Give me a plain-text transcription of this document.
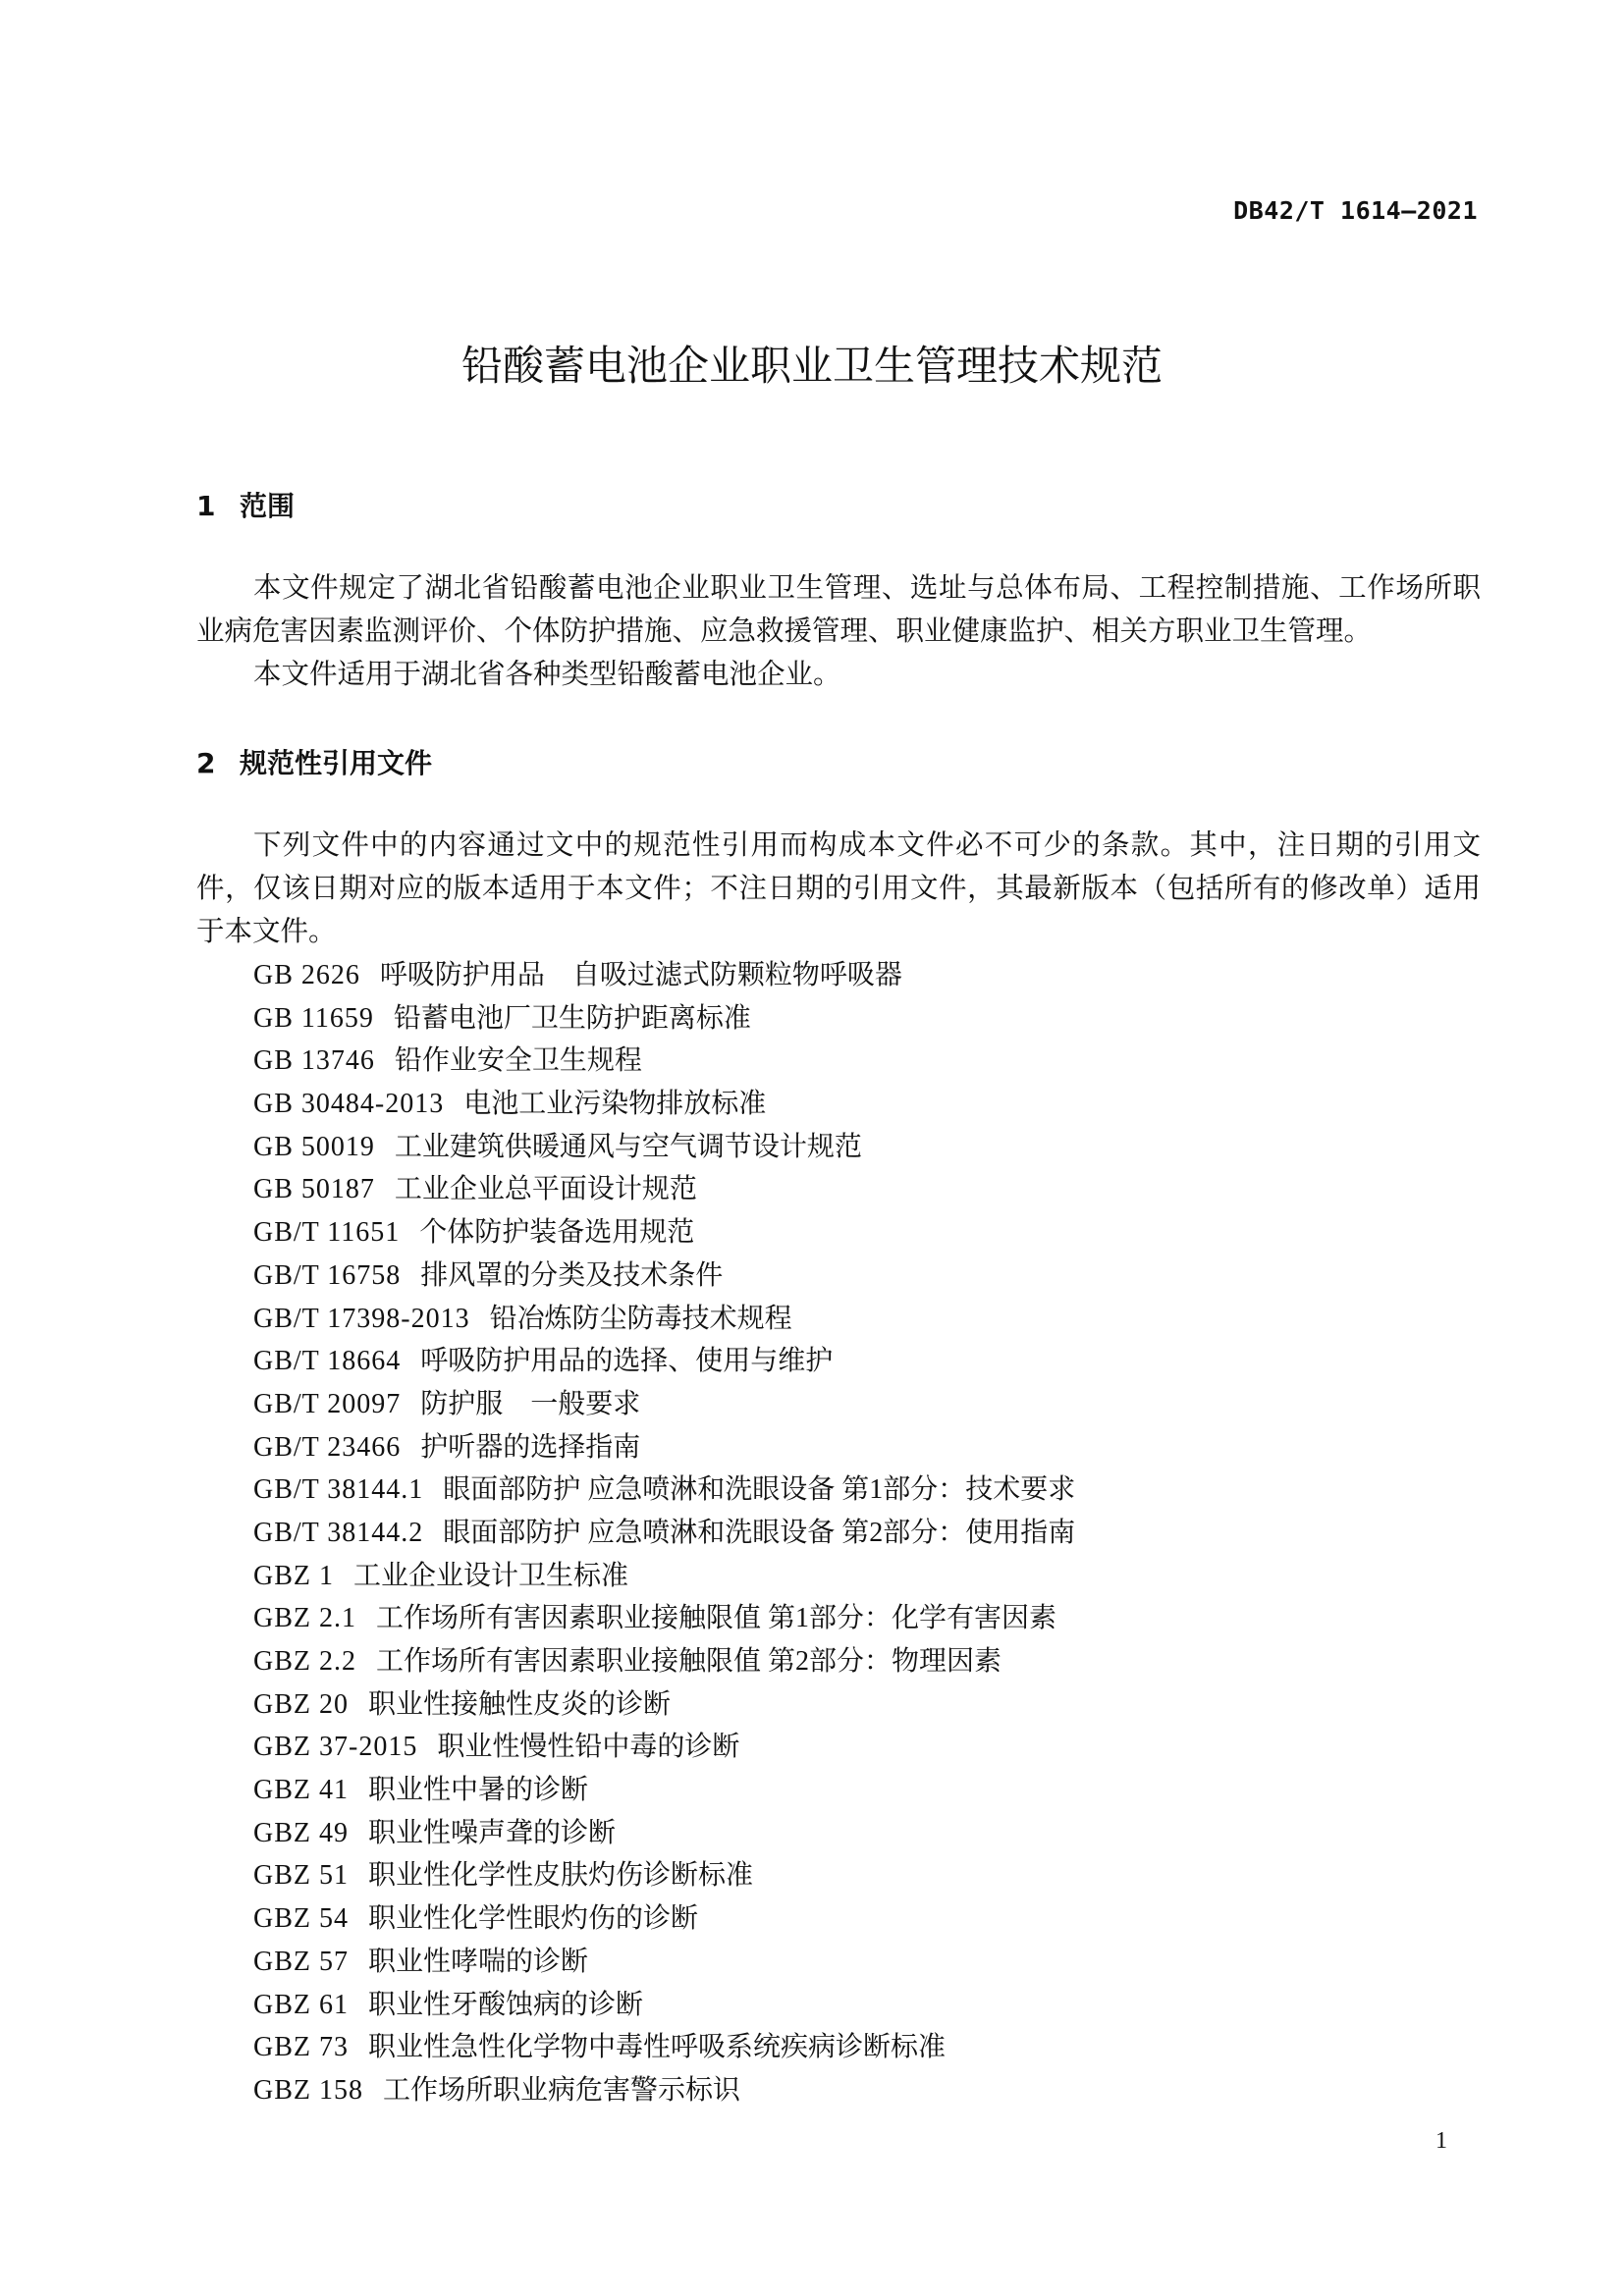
DB42/T 1614—2021
铅酸蓄电池企业职业卫生管理技术规范
1 范围
本文件规定了湖北省铅酸蓄电池企业职业卫生管理、选址与总体布局、工程控制措施、工作场所职业病危害因素监测评价、个体防护措施、应急救援管理、职业健康监护、相关方职业卫生管理。
本文件适用于湖北省各种类型铅酸蓄电池企业。
2 规范性引用文件
下列文件中的内容通过文中的规范性引用而构成本文件必不可少的条款。其中，注日期的引用文件，仅该日期对应的版本适用于本文件；不注日期的引用文件，其最新版本（包括所有的修改单）适用于本文件。
GB 2626 呼吸防护用品　自吸过滤式防颗粒物呼吸器
GB 11659 铅蓄电池厂卫生防护距离标准
GB 13746 铅作业安全卫生规程
GB 30484-2013 电池工业污染物排放标准
GB 50019 工业建筑供暖通风与空气调节设计规范
GB 50187 工业企业总平面设计规范
GB/T 11651 个体防护装备选用规范
GB/T 16758 排风罩的分类及技术条件
GB/T 17398-2013 铅冶炼防尘防毒技术规程
GB/T 18664 呼吸防护用品的选择、使用与维护
GB/T 20097 防护服　一般要求
GB/T 23466 护听器的选择指南
GB/T 38144.1 眼面部防护 应急喷淋和洗眼设备 第1部分：技术要求
GB/T 38144.2 眼面部防护 应急喷淋和洗眼设备 第2部分：使用指南
GBZ 1 工业企业设计卫生标准
GBZ 2.1 工作场所有害因素职业接触限值 第1部分：化学有害因素
GBZ 2.2 工作场所有害因素职业接触限值 第2部分：物理因素
GBZ 20 职业性接触性皮炎的诊断
GBZ 37-2015 职业性慢性铅中毒的诊断
GBZ 41 职业性中暑的诊断
GBZ 49 职业性噪声聋的诊断
GBZ 51 职业性化学性皮肤灼伤诊断标准
GBZ 54 职业性化学性眼灼伤的诊断
GBZ 57 职业性哮喘的诊断
GBZ 61 职业性牙酸蚀病的诊断
GBZ 73 职业性急性化学物中毒性呼吸系统疾病诊断标准
GBZ 158 工作场所职业病危害警示标识
1
